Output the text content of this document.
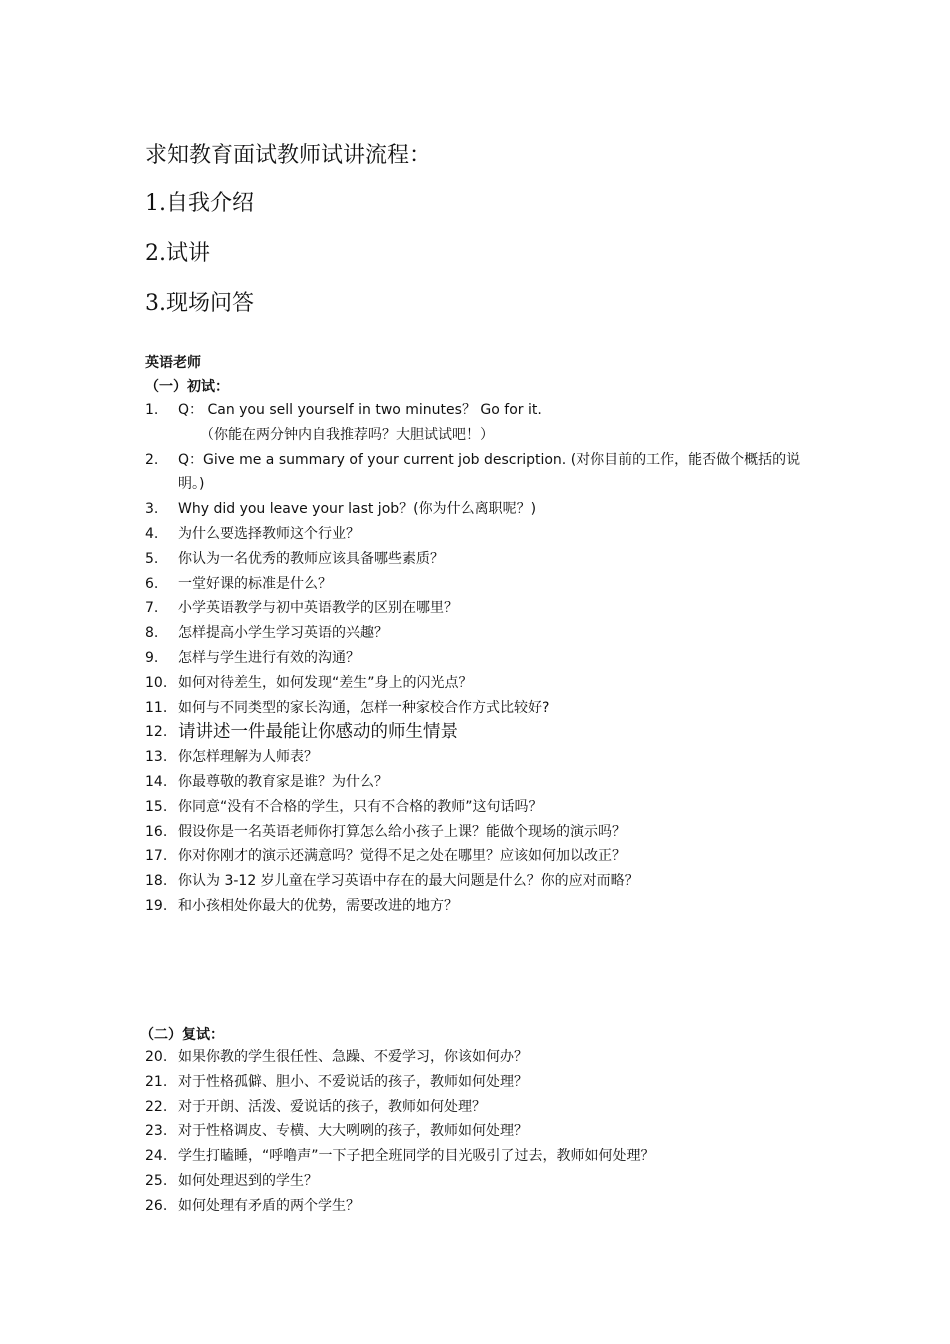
求知教育面试教师试讲流程：
1.自我介绍
2.试讲
3.现场问答
英语老师
（一）初试：
1.	Q： Can you sell yourself in two minutes？ Go for it.
（你能在两分钟内自我推荐吗？大胆试试吧！）
2.	Q：Give me a summary of your current job description. (对你目前的工作，能否做个概括的说明。)
3.	Why did you leave your last job？(你为什么离职呢？)
4.	为什么要选择教师这个行业？
5.	你认为一名优秀的教师应该具备哪些素质？
6.	一堂好课的标准是什么？
7.	小学英语教学与初中英语教学的区别在哪里？
8.	怎样提高小学生学习英语的兴趣？
9.	怎样与学生进行有效的沟通？
10. 如何对待差生，如何发现“差生”身上的闪光点？
11. 如何与不同类型的家长沟通，怎样一种家校合作方式比较好?
12. 请讲述一件最能让你感动的师生情景
13. 你怎样理解为人师表？
14. 你最尊敬的教育家是谁？为什么？
15. 你同意“没有不合格的学生，只有不合格的教师”这句话吗？
16. 假设你是一名英语老师你打算怎么给小孩子上课？能做个现场的演示吗？
17. 你对你刚才的演示还满意吗？觉得不足之处在哪里？应该如何加以改正？
18. 你认为 3-12 岁儿童在学习英语中存在的最大问题是什么？你的应对而略？
19. 和小孩相处你最大的优势，需要改进的地方？
（二）复试：
20. 如果你教的学生很任性、急躁、不爱学习，你该如何办？
21. 对于性格孤僻、胆小、不爱说话的孩子，教师如何处理？
22. 对于开朗、活泼、爱说话的孩子，教师如何处理？
23. 对于性格调皮、专横、大大咧咧的孩子，教师如何处理？
24. 学生打瞌睡，“呼噜声”一下子把全班同学的目光吸引了过去，教师如何处理？
25. 如何处理迟到的学生？
26. 如何处理有矛盾的两个学生？
